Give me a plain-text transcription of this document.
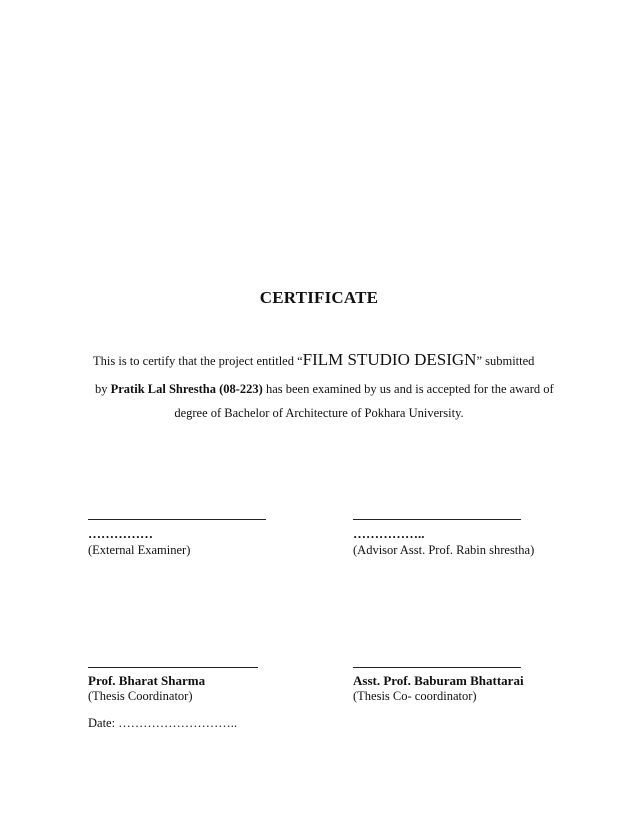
CERTIFICATE
This is to certify that the project entitled “FILM STUDIO DESIGN” submitted
by Pratik Lal Shrestha (08-223) has been examined by us and is accepted for the award of
degree of Bachelor of Architecture of Pokhara University.
……………
(External Examiner)
……………..
(Advisor Asst. Prof. Rabin shrestha)
Prof. Bharat Sharma
(Thesis Coordinator)
Asst. Prof. Baburam Bhattarai
(Thesis Co- coordinator)
Date: ………………………..
